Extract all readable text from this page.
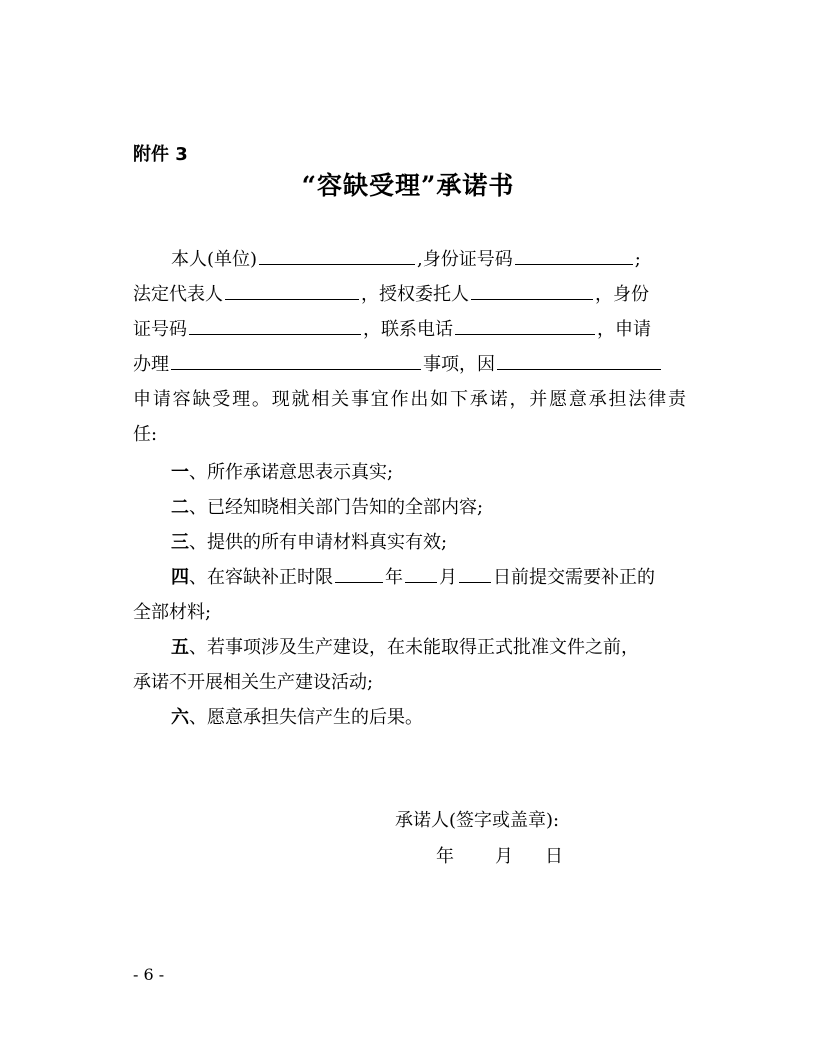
附件 3
“容缺受理”承诺书
本人(单位)	,身份证号码	;
法定代表人	，授权委托人	，身份
证号码	，联系电话	，申请
办理	事项，因
申请容缺受理。现就相关事宜作出如下承诺，并愿意承担法律责
任:
一、所作承诺意思表示真实;
二、已经知晓相关部门告知的全部内容;
三、提供的所有申请材料真实有效;
四、在容缺补正时限	年 月 日前提交需要补正的
全部材料;
五、若事项涉及生产建设，在未能取得正式批准文件之前，
承诺不开展相关生产建设活动;
六、愿意承担失信产生的后果。
承诺人(签字或盖章):
年 月 日
- 6 -
